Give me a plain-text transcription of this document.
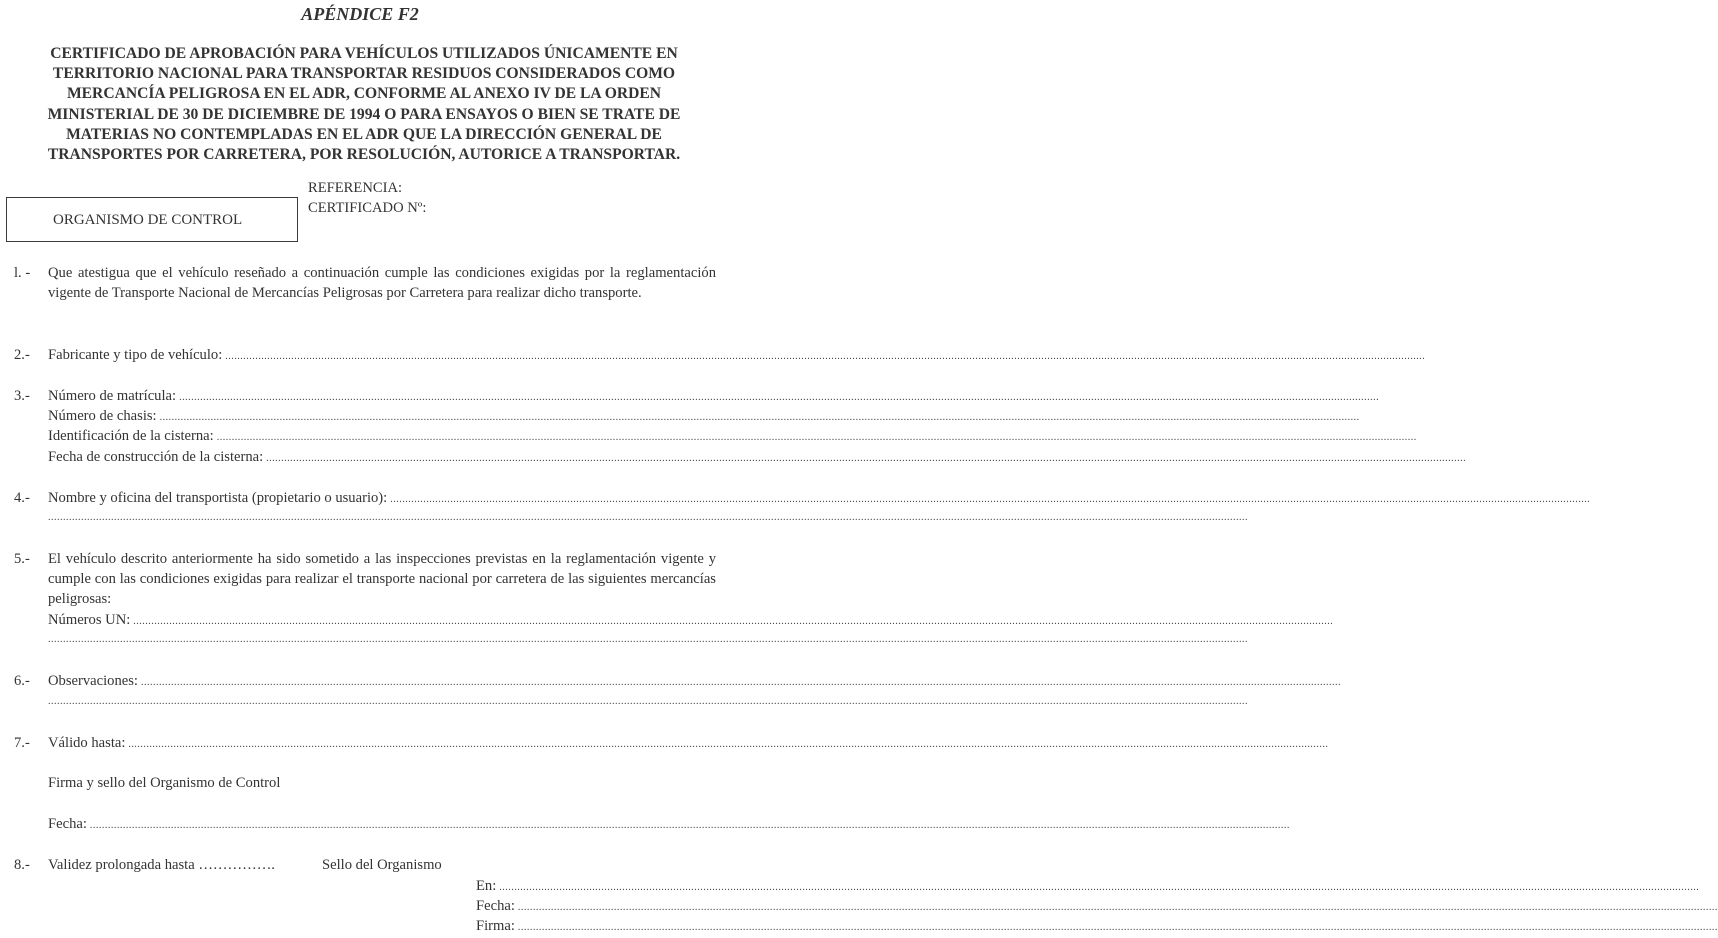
APÉNDICE F2
CERTIFICADO DE APROBACIÓN PARA VEHÍCULOS UTILIZADOS ÚNICAMENTE EN
TERRITORIO NACIONAL PARA TRANSPORTAR RESIDUOS CONSIDERADOS COMO
MERCANCÍA PELIGROSA EN EL ADR, CONFORME AL ANEXO IV DE LA ORDEN
MINISTERIAL DE 30 DE DICIEMBRE DE 1994 O PARA ENSAYOS O BIEN SE TRATE DE
MATERIAS NO CONTEMPLADAS EN EL ADR QUE LA DIRECCIÓN GENERAL DE
TRANSPORTES POR CARRETERA, POR RESOLUCIÓN, AUTORICE A TRANSPORTAR.
ORGANISMO DE CONTROL
REFERENCIA:
CERTIFICADO Nº:
l. - Que atestigua que el vehículo reseñado a continuación cumple las condiciones exigidas por la reglamentación vigente de Transporte Nacional de Mercancías Peligrosas por Carretera para realizar dicho transporte.
2.- Fabricante y tipo de vehículo: ................................................................................................................................................................................................................................................................................................................................................................................................................
3.- Número de matrícula: ................................................................................................................................................................................................................................................................................................................................................................................................................
Número de chasis: ................................................................................................................................................................................................................................................................................................................................................................................................................
Identificación de la cisterna: ................................................................................................................................................................................................................................................................................................................................................................................................................
Fecha de construcción de la cisterna: ................................................................................................................................................................................................................................................................................................................................................................................................................
4.- Nombre y oficina del transportista (propietario o usuario): ................................................................................................................................................................................................................................................................................................................................................................................................................
................................................................................................................................................................................................................................................................................................................................................................................................................
5.- El vehículo descrito anteriormente ha sido sometido a las inspecciones previstas en la reglamentación vigente y cumple con las condiciones exigidas para realizar el transporte nacional por carretera de las siguientes mercancías peligrosas:
Números UN: ................................................................................................................................................................................................................................................................................................................................................................................................................
................................................................................................................................................................................................................................................................................................................................................................................................................
6.- Observaciones: ................................................................................................................................................................................................................................................................................................................................................................................................................
................................................................................................................................................................................................................................................................................................................................................................................................................
7.- Válido hasta: ................................................................................................................................................................................................................................................................................................................................................................................................................
Firma y sello del Organismo de Control
Fecha: ................................................................................................................................................................................................................................................................................................................................................................................................................
8.- Validez prolongada hasta …………….	Sello del Organismo
En: ................................................................................................................................................................................................................................................................................................................................................................................................................
Fecha: ................................................................................................................................................................................................................................................................................................................................................................................................................
Firma: ................................................................................................................................................................................................................................................................................................................................................................................................................
